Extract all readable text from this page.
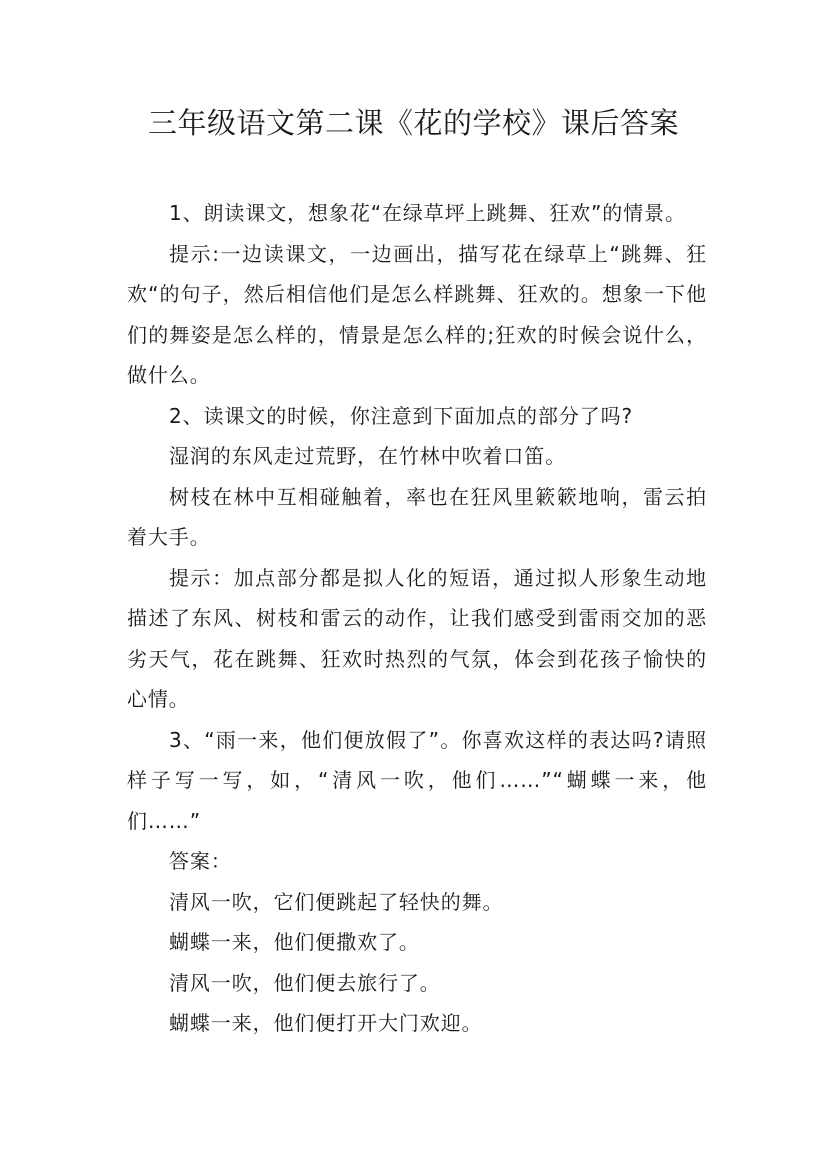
三年级语文第二课《花的学校》课后答案

1、朗读课文，想象花“在绿草坪上跳舞、狂欢”的情景。

提示:一边读课文，一边画出，描写花在绿草上“跳舞、狂欢“的句子，然后相信他们是怎么样跳舞、狂欢的。想象一下他们的舞姿是怎么样的，情景是怎么样的;狂欢的时候会说什么，做什么。

2、读课文的时候，你注意到下面加点的部分了吗?

湿润的东风走过荒野，在竹林中吹着口笛。

树枝在林中互相碰触着，率也在狂风里簌簌地响，雷云拍着大手。

提示：加点部分都是拟人化的短语，通过拟人形象生动地描述了东风、树枝和雷云的动作，让我们感受到雷雨交加的恶劣天气，花在跳舞、狂欢时热烈的气氛，体会到花孩子愉快的心情。

3、“雨一来，他们便放假了”。你喜欢这样的表达吗?请照样子写一写，如，“清风一吹，他们……”“蝴蝶一来，他们……”

答案：

清风一吹，它们便跳起了轻快的舞。

蝴蝶一来，他们便撒欢了。

清风一吹，他们便去旅行了。

蝴蝶一来，他们便打开大门欢迎。
